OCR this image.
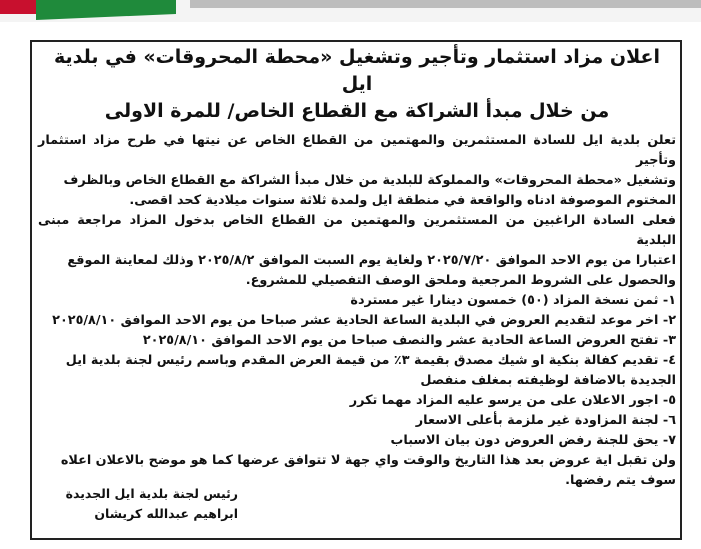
اعلان مزاد استثمار وتأجير وتشغيل «محطة المحروقات» في بلدية ايل
من خلال مبدأ الشراكة مع القطاع الخاص/ للمرة الاولى

تعلن بلدية ايل للسادة المستثمرين والمهتمين من القطاع الخاص عن نيتها في طرح مزاد استثمار وتأجير

وتشغيل «محطة المحروقات» والمملوكة للبلدية من خلال مبدأ الشراكة مع القطاع الخاص وبالظرف

المختوم الموصوفة ادناه والواقعة في منطقة ايل ولمدة ثلاثة سنوات ميلادية كحد اقصى.

فعلى السادة الراغبين من المستثمرين والمهتمين من القطاع الخاص بدخول المزاد مراجعة مبنى البلدية

اعتبارا من يوم الاحد الموافق ٢٠٢٥/٧/٢٠ ولغاية يوم السبت الموافق ٢٠٢٥/٨/٢ وذلك لمعاينة الموقع

والحصول على الشروط المرجعية وملحق الوصف التفصيلي للمشروع.

١- ثمن نسخة المزاد (٥٠) خمسون دينارا غير مستردة

٢- اخر موعد لتقديم العروض في البلدية الساعة الحادية عشر صباحا من يوم الاحد الموافق ٢٠٢٥/٨/١٠

٣- تفتح العروض الساعة الحادية عشر والنصف صباحا من يوم الاحد الموافق ٢٠٢٥/٨/١٠

٤- تقديم كفالة بنكية او شيك مصدق بقيمة ٣٪ من قيمة العرض المقدم وباسم رئيس لجنة بلدية ايل

الجديدة بالاضافة لوظيفته بمغلف منفصل

٥- اجور الاعلان على من يرسو عليه المزاد مهما تكرر

٦- لجنة المزاودة غير ملزمة بأعلى الاسعار

٧- يحق للجنة رفض العروض دون بيان الاسباب

ولن تقبل اية عروض بعد هذا التاريخ والوقت واي جهة لا تتوافق عرضها كما هو موضح بالاعلان اعلاه

سوف يتم رفضها.

رئيس لجنة بلدية ايل الجديدة
ابراهيم عبدالله كريشان
